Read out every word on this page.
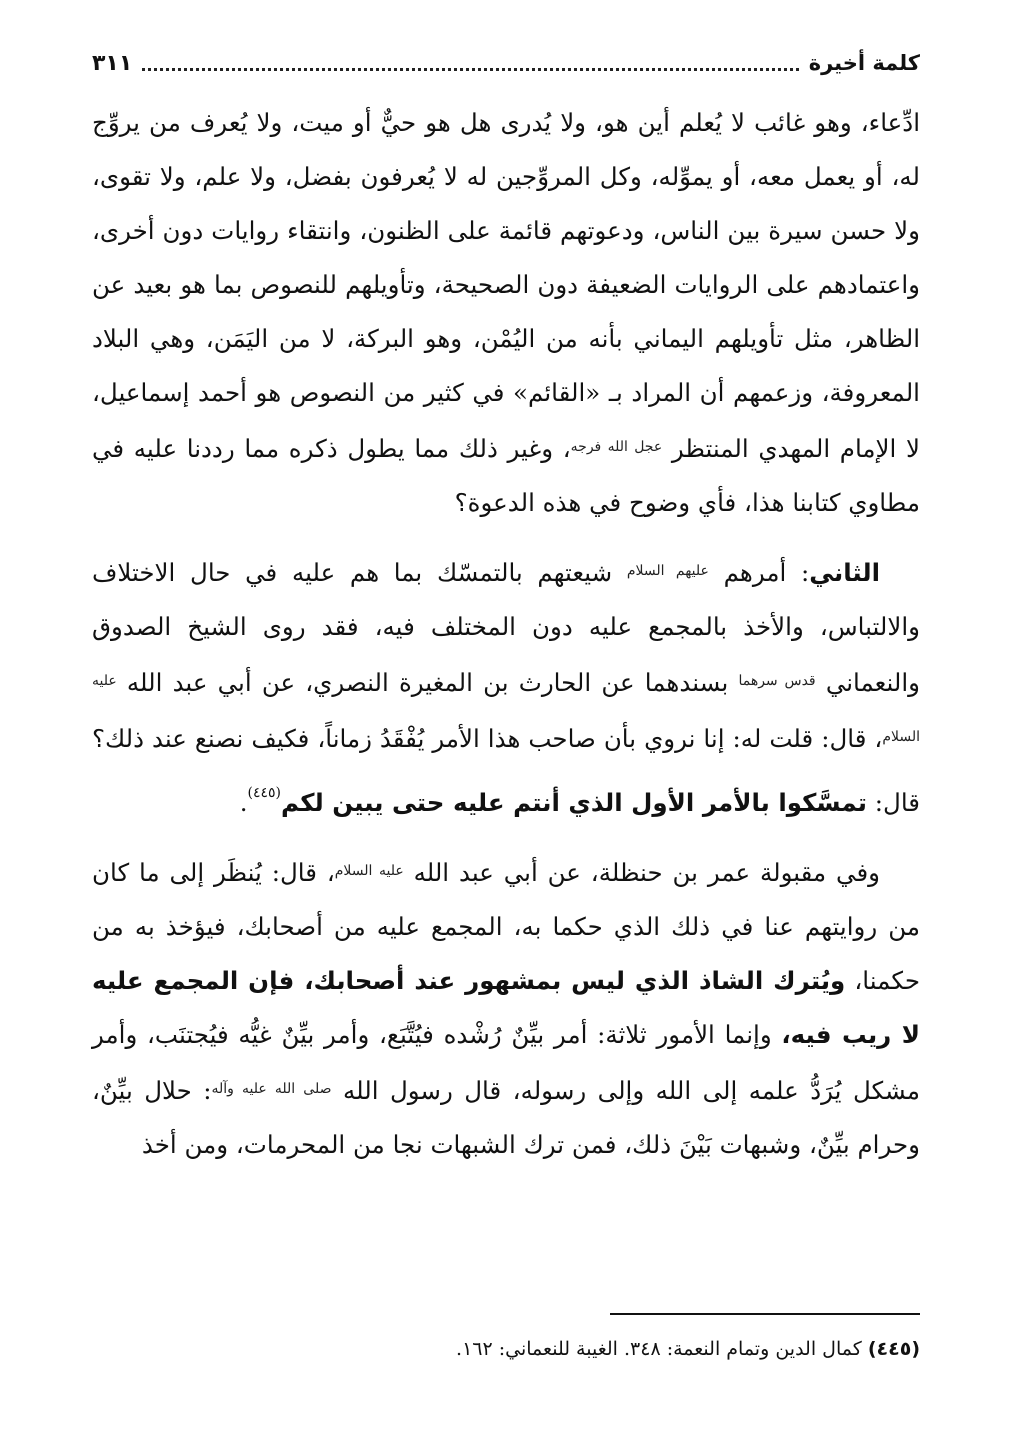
كلمة أخيرة
٣١١

ادِّعاء، وهو غائب لا يُعلم أين هو، ولا يُدرى هل هو حيٌّ أو ميت، ولا يُعرف من يروِّج له، أو يعمل معه، أو يموِّله، وكل المروِّجين له لا يُعرفون بفضل، ولا علم، ولا تقوى، ولا حسن سيرة بين الناس، ودعوتهم قائمة على الظنون، وانتقاء روايات دون أخرى، واعتمادهم على الروايات الضعيفة دون الصحيحة، وتأويلهم للنصوص بما هو بعيد عن الظاهر، مثل تأويلهم اليماني بأنه من اليُمْن، وهو البركة، لا من اليَمَن، وهي البلاد المعروفة، وزعمهم أن المراد بـ «القائم» في كثير من النصوص هو أحمد إسماعيل، لا الإمام المهدي المنتظر $^{عجل الله فرجه}$، وغير ذلك مما يطول ذكره مما رددنا عليه في مطاوي كتابنا هذا، فأي وضوح في هذه الدعوة؟

الثاني: أمرهم $^{عليهم السلام}$ شيعتهم بالتمسّك بما هم عليه في حال الاختلاف والالتباس، والأخذ بالمجمع عليه دون المختلف فيه، فقد روى الشيخ الصدوق والنعماني $^{قدس سرهما}$ بسندهما عن الحارث بن المغيرة النصري، عن أبي عبد الله $^{عليه السلام}$، قال: قلت له: إنا نروي بأن صاحب هذا الأمر يُفْقَدُ زماناً، فكيف نصنع عند ذلك؟ قال: تمسَّكوا بالأمر الأول الذي أنتم عليه حتى يبين لكم$^{(٤٤٥)}$.

وفي مقبولة عمر بن حنظلة، عن أبي عبد الله $^{عليه السلام}$، قال: يُنظَر إلى ما كان من روايتهم عنا في ذلك الذي حكما به، المجمع عليه من أصحابك، فيؤخذ به من حكمنا، ويُترك الشاذ الذي ليس بمشهور عند أصحابك، فإن المجمع عليه لا ريب فيه، وإنما الأمور ثلاثة: أمر بيِّنٌ رُشْده فيُتَّبَع، وأمر بيِّنٌ غيُّه فيُجتنَب، وأمر مشكل يُرَدُّ علمه إلى الله وإلى رسوله، قال رسول الله $^{صلى الله عليه وآله}$: حلال بيِّنٌ، وحرام بيِّنٌ، وشبهات بَيْنَ ذلك، فمن ترك الشبهات نجا من المحرمات، ومن أخذ

(٤٤٥) كمال الدين وتمام النعمة: ٣٤٨. الغيبة للنعماني: ١٦٢.
